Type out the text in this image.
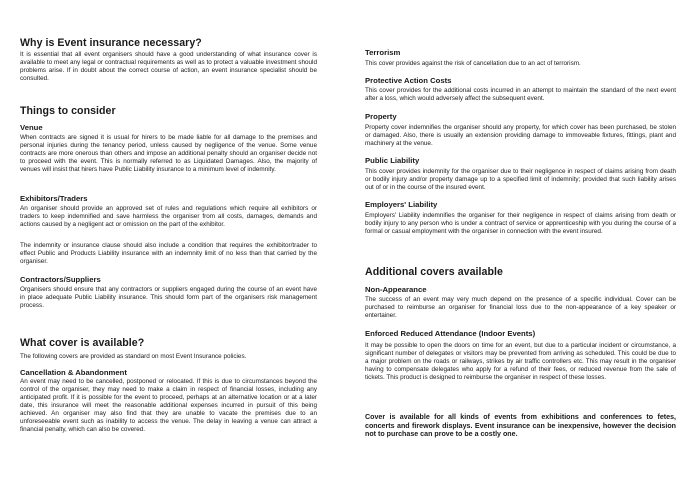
Why is Event insurance necessary?

It is essential that all event organisers should have a good understanding of what insurance cover is available to meet any legal or contractual requirements as well as to protect a valuable investment should problems arise. If in doubt about the correct course of action, an event insurance specialist should be consulted.

Things to consider
Venue

When contracts are signed it is usual for hirers to be made liable for all damage to the premises and personal injuries during the tenancy period, unless caused by negligence of the venue. Some venue contracts are more onerous than others and impose an additional penalty should an organiser decide not to proceed with the event. This is normally referred to as Liquidated Damages. Also, the majority of venues will insist that hirers have Public Liability insurance to a minimum level of indemnity.

Exhibitors/Traders

An organiser should provide an approved set of rules and regulations which require all exhibitors or traders to keep indemnified and save harmless the organiser from all costs, damages, demands and actions caused by a negligent act or omission on the part of the exhibitor.

The indemnity or insurance clause should also include a condition that requires the exhibitor/trader to effect Public and Products Liability insurance with an indemnity limit of no less than that carried by the organiser.

Contractors/Suppliers

Organisers should ensure that any contractors or suppliers engaged during the course of an event have in place adequate Public Liability insurance. This should form part of the organisers risk management process.

What cover is available?

The following covers are provided as standard on most Event Insurance policies.

Cancellation & Abandonment

An event may need to be cancelled, postponed or relocated. If this is due to circumstances beyond the control of the organiser, they may need to make a claim in respect of financial losses, including any anticipated profit. If it is possible for the event to proceed, perhaps at an alternative location or at a later date, this insurance will meet the reasonable additional expenses incurred in pursuit of this being achieved. An organiser may also find that they are unable to vacate the premises due to an unforeseeable event such as inability to access the venue. The delay in leaving a venue can attract a financial penalty, which can also be covered.

Terrorism

This cover provides against the risk of cancellation due to an act of terrorism.

Protective Action Costs

This cover provides for the additional costs incurred in an attempt to maintain the standard of the next event after a loss, which would adversely affect the subsequent event.

Property

Property cover indemnifies the organiser should any property, for which cover has been purchased, be stolen or damaged. Also, there is usually an extension providing damage to immoveable fixtures, fittings, plant and machinery at the venue.

Public Liability

This cover provides indemnity for the organiser due to their negligence in respect of claims arising from death or bodily injury and/or property damage up to a specified limit of indemnity; provided that such liability arises out of or in the course of the insured event.

Employers' Liability

Employers' Liability indemnifies the organiser for their negligence in respect of claims arising from death or bodily injury to any person who is under a contract of service or apprenticeship with you during the course of a formal or casual employment with the organiser in connection with the event insured.

Additional covers available
Non-Appearance

The success of an event may very much depend on the presence of a specific individual. Cover can be purchased to reimburse an organiser for financial loss due to the non-appearance of a key speaker or entertainer.

Enforced Reduced Attendance (Indoor Events)

It may be possible to open the doors on time for an event, but due to a particular incident or circumstance, a significant number of delegates or visitors may be prevented from arriving as scheduled. This could be due to a major problem on the roads or railways, strikes by air traffic controllers etc. This may result in the organiser having to compensate delegates who apply for a refund of their fees, or reduced revenue from the sale of tickets. This product is designed to reimburse the organiser in respect of these losses.

Cover is available for all kinds of events from exhibitions and conferences to fetes, concerts and firework displays. Event insurance can be inexpensive, however the decision not to purchase can prove to be a costly one.
